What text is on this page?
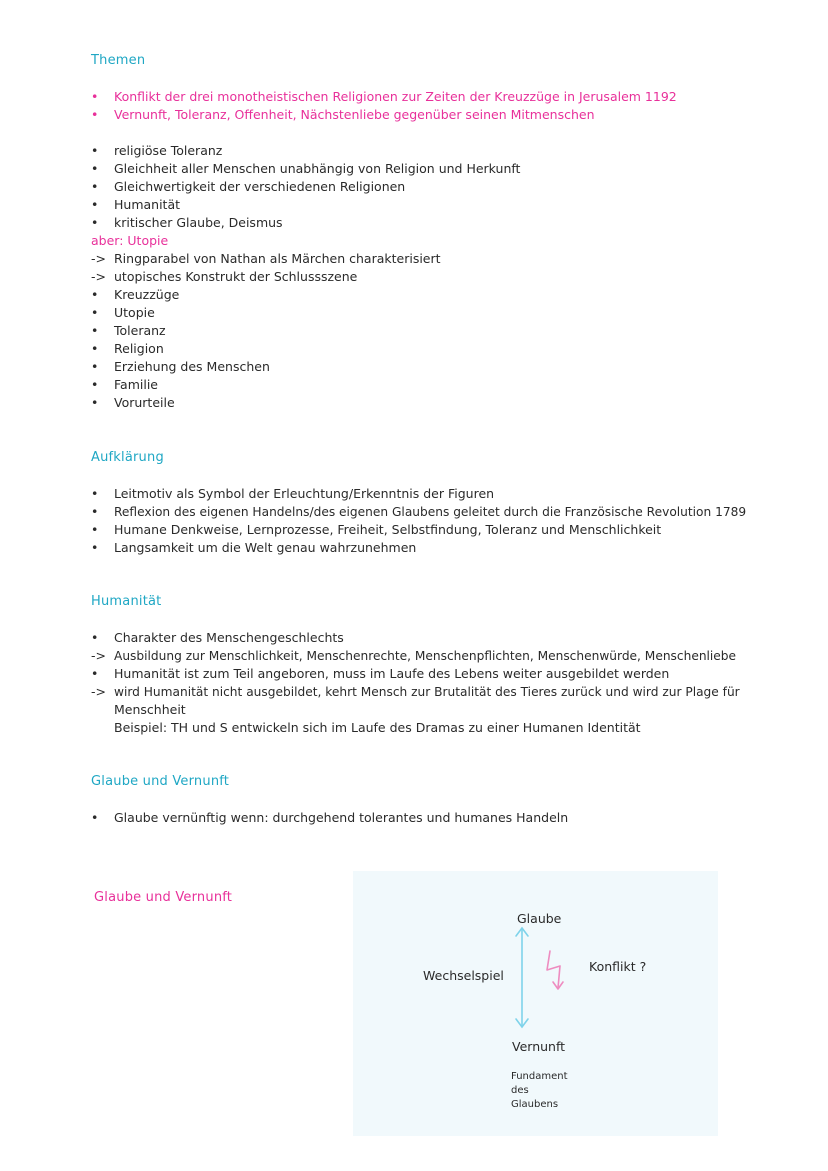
Themen
•	Konflikt der drei monotheistischen Religionen zur Zeiten der Kreuzzüge in Jerusalem 1192
•	Vernunft, Toleranz, Offenheit, Nächstenliebe gegenüber seinen Mitmenschen
•	religiöse Toleranz
•	Gleichheit aller Menschen unabhängig von Religion und Herkunft
•	Gleichwertigkeit der verschiedenen Religionen
•	Humanität
•	kritischer Glaube, Deismus
aber: Utopie
-> Ringparabel von Nathan als Märchen charakterisiert
-> utopisches Konstrukt der Schlussszene
•	Kreuzzüge
•	Utopie
•	Toleranz
•	Religion
•	Erziehung des Menschen
•	Familie
•	Vorurteile
Aufklärung
•	Leitmotiv als Symbol der Erleuchtung/Erkenntnis der Figuren
•	Reflexion des eigenen Handelns/des eigenen Glaubens geleitet durch die Französische Revolution 1789
•	Humane Denkweise, Lernprozesse, Freiheit, Selbstfindung, Toleranz und Menschlichkeit
•	Langsamkeit um die Welt genau wahrzunehmen
Humanität
•	Charakter des Menschengeschlechts
-> Ausbildung zur Menschlichkeit, Menschenrechte, Menschenpflichten, Menschenwürde, Menschenliebe
•	Humanität ist zum Teil angeboren, muss im Laufe des Lebens weiter ausgebildet werden
-> wird Humanität nicht ausgebildet, kehrt Mensch zur Brutalität des Tieres zurück und wird zur Plage für
Menschheit
Beispiel: TH und S entwickeln sich im Laufe des Dramas zu einer Humanen Identität
Glaube und Vernunft
•	Glaube vernünftig wenn: durchgehend tolerantes und humanes Handeln
Glaube und Vernunft
Glaube
Wechselspiel
Konflikt ?
Vernunft
Fundament
des
Glaubens
